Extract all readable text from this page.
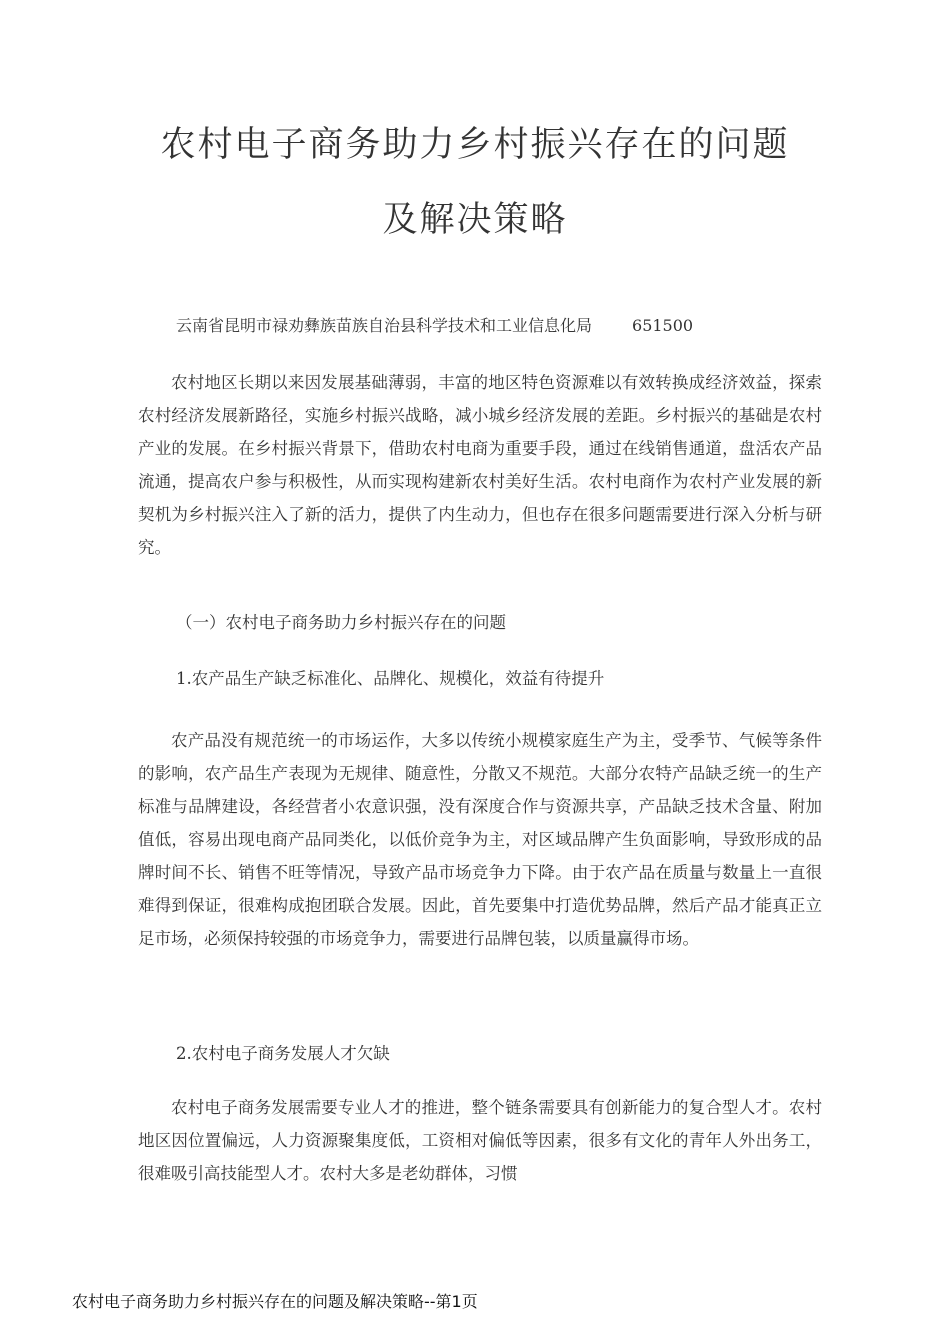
农村电子商务助力乡村振兴存在的问题
及解决策略
云南省昆明市禄劝彝族苗族自治县科学技术和工业信息化局	651500

农村地区长期以来因发展基础薄弱，丰富的地区特色资源难以有效转换成经济效益，探索农村经济发展新路径，实施乡村振兴战略，减小城乡经济发展的差距。乡村振兴的基础是农村产业的发展。在乡村振兴背景下，借助农村电商为重要手段，通过在线销售通道，盘活农产品流通，提高农户参与积极性，从而实现构建新农村美好生活。农村电商作为农村产业发展的新契机为乡村振兴注入了新的活力，提供了内生动力，但也存在很多问题需要进行深入分析与研究。

（一）农村电子商务助力乡村振兴存在的问题
1.农产品生产缺乏标准化、品牌化、规模化，效益有待提升

农产品没有规范统一的市场运作，大多以传统小规模家庭生产为主，受季节、气候等条件的影响，农产品生产表现为无规律、随意性，分散又不规范。大部分农特产品缺乏统一的生产标准与品牌建设，各经营者小农意识强，没有深度合作与资源共享，产品缺乏技术含量、附加值低，容易出现电商产品同类化，以低价竞争为主，对区域品牌产生负面影响，导致形成的品牌时间不长、销售不旺等情况，导致产品市场竞争力下降。由于农产品在质量与数量上一直很难得到保证，很难构成抱团联合发展。因此，首先要集中打造优势品牌，然后产品才能真正立足市场，必须保持较强的市场竞争力，需要进行品牌包装，以质量赢得市场。

2.农村电子商务发展人才欠缺

农村电子商务发展需要专业人才的推进，整个链条需要具有创新能力的复合型人才。农村地区因位置偏远，人力资源聚集度低，工资相对偏低等因素，很多有文化的青年人外出务工，很难吸引高技能型人才。农村大多是老幼群体，习惯

农村电子商务助力乡村振兴存在的问题及解决策略--第1页
